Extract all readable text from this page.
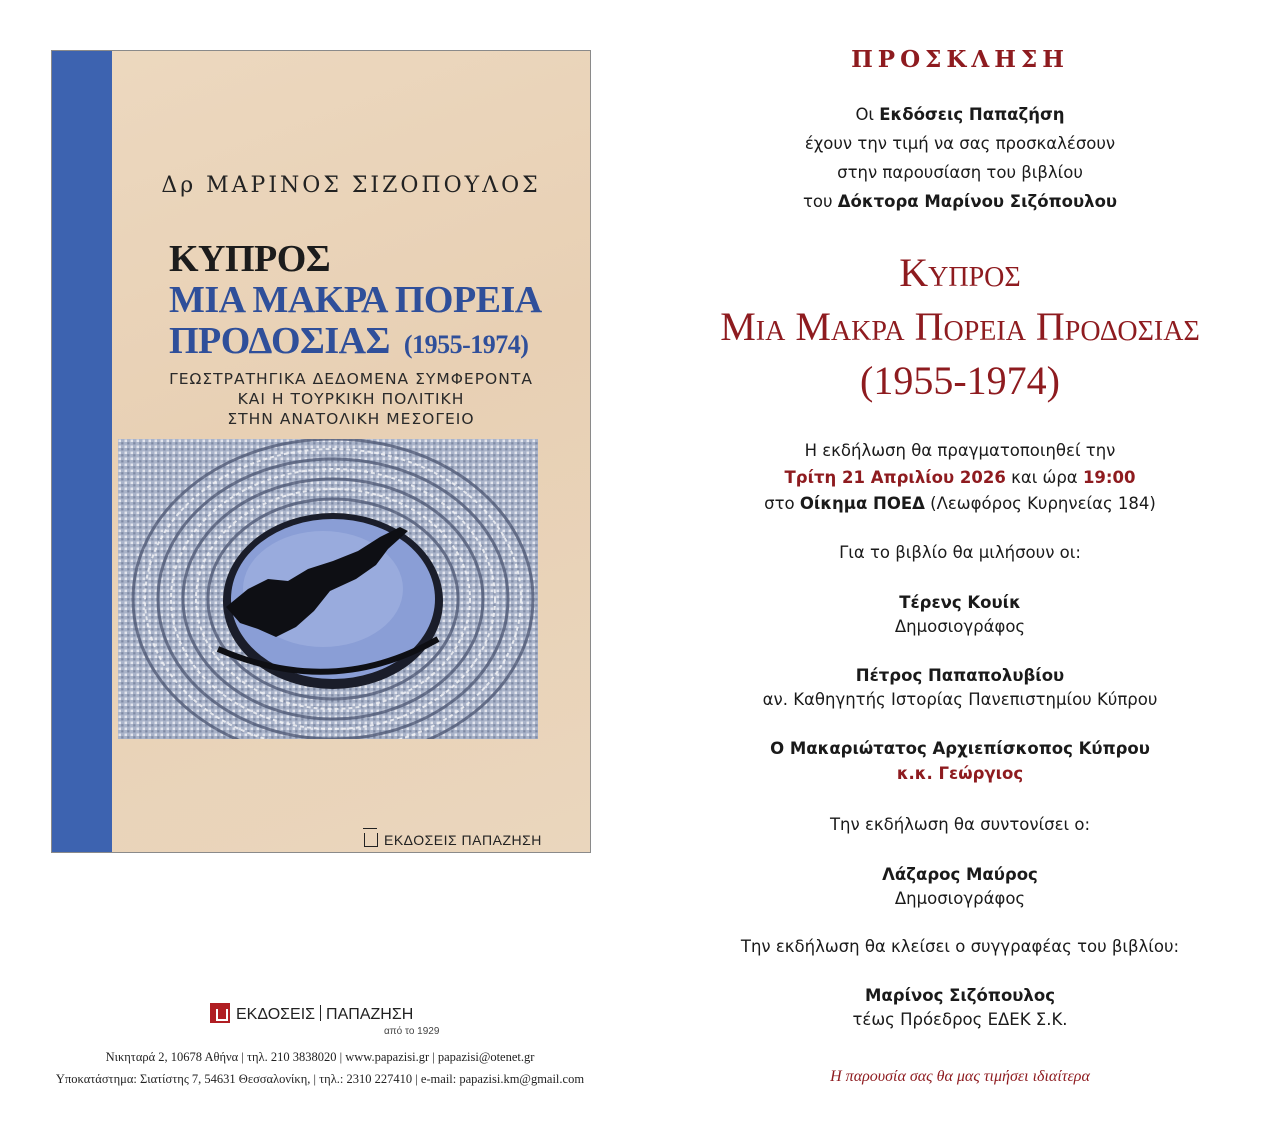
Δρ ΜΑΡΙΝΟΣ ΣΙΖΟΠΟΥΛΟΣ
ΚΥΠΡΟΣ
ΜΙΑ ΜΑΚΡΑ ΠΟΡΕΙΑ
ΠΡΟΔΟΣΙΑΣ (1955-1974)
ΓΕΩΣΤΡΑΤΗΓΙΚΑ ΔΕΔΟΜΕΝΑ ΣΥΜΦΕΡΟΝΤΑ
ΚΑΙ Η ΤΟΥΡΚΙΚΗ ΠΟΛΙΤΙΚΗ
ΣΤΗΝ ΑΝΑΤΟΛΙΚΗ ΜΕΣΟΓΕΙΟ
ΕΚΔΟΣΕΙΣ ΠΑΠΑΖΗΣΗ
ΕΚΔΟΣΕΙΣ ΠΑΠΑΖΗΣΗ
από το 1929
Νικηταρά 2, 10678 Αθήνα | τηλ. 210 3838020 | www.papazisi.gr | papazisi@otenet.gr
Υποκατάστημα: Σιατίστης 7, 54631 Θεσσαλονίκη, | τηλ.: 2310 227410 | e-mail: papazisi.km@gmail.com
ΠΡΟΣΚΛΗΣΗ
Οι Εκδόσεις Παπαζήση
έχουν την τιμή να σας προσκαλέσουν
στην παρουσίαση του βιβλίου
του Δόκτορα Μαρίνου Σιζόπουλου
Κυπρος
Μια Μακρα Πορεια Προδοσιας
(1955-1974)
Η εκδήλωση θα πραγματοποιηθεί την
Τρίτη 21 Απριλίου 2026 και ώρα 19:00
στο Οίκημα ΠΟΕΔ (Λεωφόρος Κυρηνείας 184)
Για το βιβλίο θα μιλήσουν οι:
Τέρενς Κουίκ
Δημοσιογράφος
Πέτρος Παπαπολυβίου
αν. Καθηγητής Ιστορίας Πανεπιστημίου Κύπρου
Ο Μακαριώτατος Αρχιεπίσκοπος Κύπρου
κ.κ. Γεώργιος
Την εκδήλωση θα συντονίσει ο:
Λάζαρος Μαύρος
Δημοσιογράφος
Την εκδήλωση θα κλείσει ο συγγραφέας του βιβλίου:
Μαρίνος Σιζόπουλος
τέως Πρόεδρος ΕΔΕΚ Σ.Κ.
Η παρουσία σας θα μας τιμήσει ιδιαίτερα
